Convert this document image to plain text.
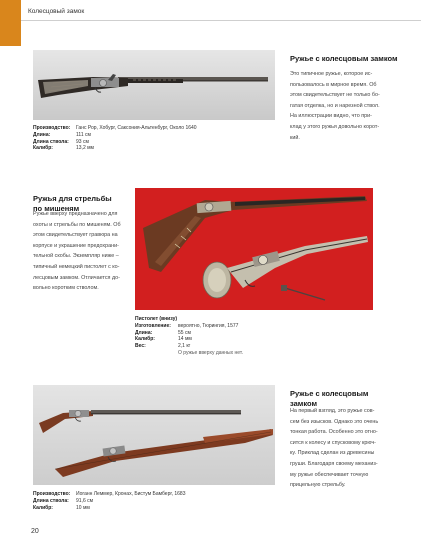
Колесцовый замок
Ружье с колесцовым замком
Это типичное ружье, которое ис-
пользовалось в мирное время. Об
этом свидетельствует не только бо-
гатая отделка, но и нарезной ствол.
На иллюстрации видно, что при-
клад у этого ружья довольно корот-
кий.
Производство:	Ганс Рор, Хобург, Саксония-Альтенбург, Около 1640
Длина:	111 см
Длина ствола:	93 см
Калибр:	13,2 мм
Ружья для стрельбы
по мишеням
Ружье вверху предназначено для
охоты и стрельбы по мишеням. Об
этом свидетельствует гравюра на
корпусе и украшение предохрани-
тельной скобы. Экземпляр ниже –
типичный немецкий пистолет с ко-
лесцовым замком. Отличается до-
вольно коротким стволом.
Пистолет (внизу)
Изготовление:	вероятно, Тюрингия, 1577
Длина:	55 см
Калибр:	14 мм
Вес:	2,1 кг
О ружье вверху данных нет.
Ружье с колесцовым
замком
На первый взгляд, это ружье сов-
сем без изысков. Однако это очень
тонкая работа. Особенно это отно-
сится к колесу и спусковому крюч-
ку. Приклад сделан из древесины
груши. Благодаря своему механиз-
му ружье обеспечивает точную
прицельную стрельбу.
Производство:	Иоганн Леммер, Кронах, Бистум Бамберг, 1683
Длина ствола:	91,6 см
Калибр:	10 мм
20
